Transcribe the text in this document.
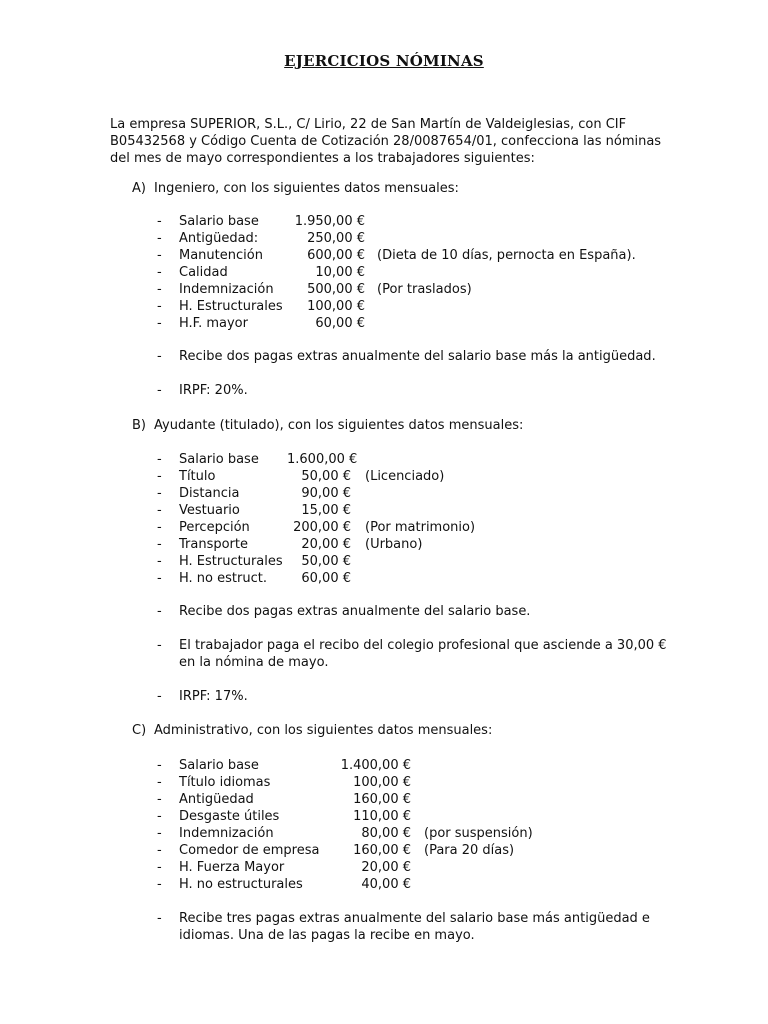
EJERCICIOS NÓMINAS

La empresa SUPERIOR, S.L., C/ Lirio, 22 de San Martín de Valdeiglesias, con CIF B05432568 y Código Cuenta de Cotización 28/0087654/01, confecciona las nóminas del mes de mayo correspondientes a los trabajadores siguientes:

A) Ingeniero, con los siguientes datos mensuales:
- Salario base	1.950,00 €
- Antigüedad:	250,00 €
- Manutención	600,00 € (Dieta de 10 días, pernocta en España).
- Calidad	10,00 €
- Indemnización	500,00 € (Por traslados)
- H. Estructurales	100,00 €
- H.F. mayor	60,00 €
- Recibe dos pagas extras anualmente del salario base más la antigüedad.
- IRPF: 20%.
B) Ayudante (titulado), con los siguientes datos mensuales:
- Salario base 1.600,00 €
- Título	50,00 € (Licenciado)
- Distancia	90,00 €
- Vestuario	15,00 €
- Percepción	200,00 € (Por matrimonio)
- Transporte	20,00 € (Urbano)
- H. Estructurales	50,00 €
- H. no estruct.	60,00 €
- Recibe dos pagas extras anualmente del salario base.
- El trabajador paga el recibo del colegio profesional que asciende a 30,00 € en la nómina de mayo.
- IRPF: 17%.
C) Administrativo, con los siguientes datos mensuales:
- Salario base	1.400,00 €
- Título idiomas	100,00 €
- Antigüedad	160,00 €
- Desgaste útiles	110,00 €
- Indemnización	80,00 € (por suspensión)
- Comedor de empresa	160,00 € (Para 20 días)
- H. Fuerza Mayor	20,00 €
- H. no estructurales	40,00 €
- Recibe tres pagas extras anualmente del salario base más antigüedad e idiomas. Una de las pagas la recibe en mayo.
